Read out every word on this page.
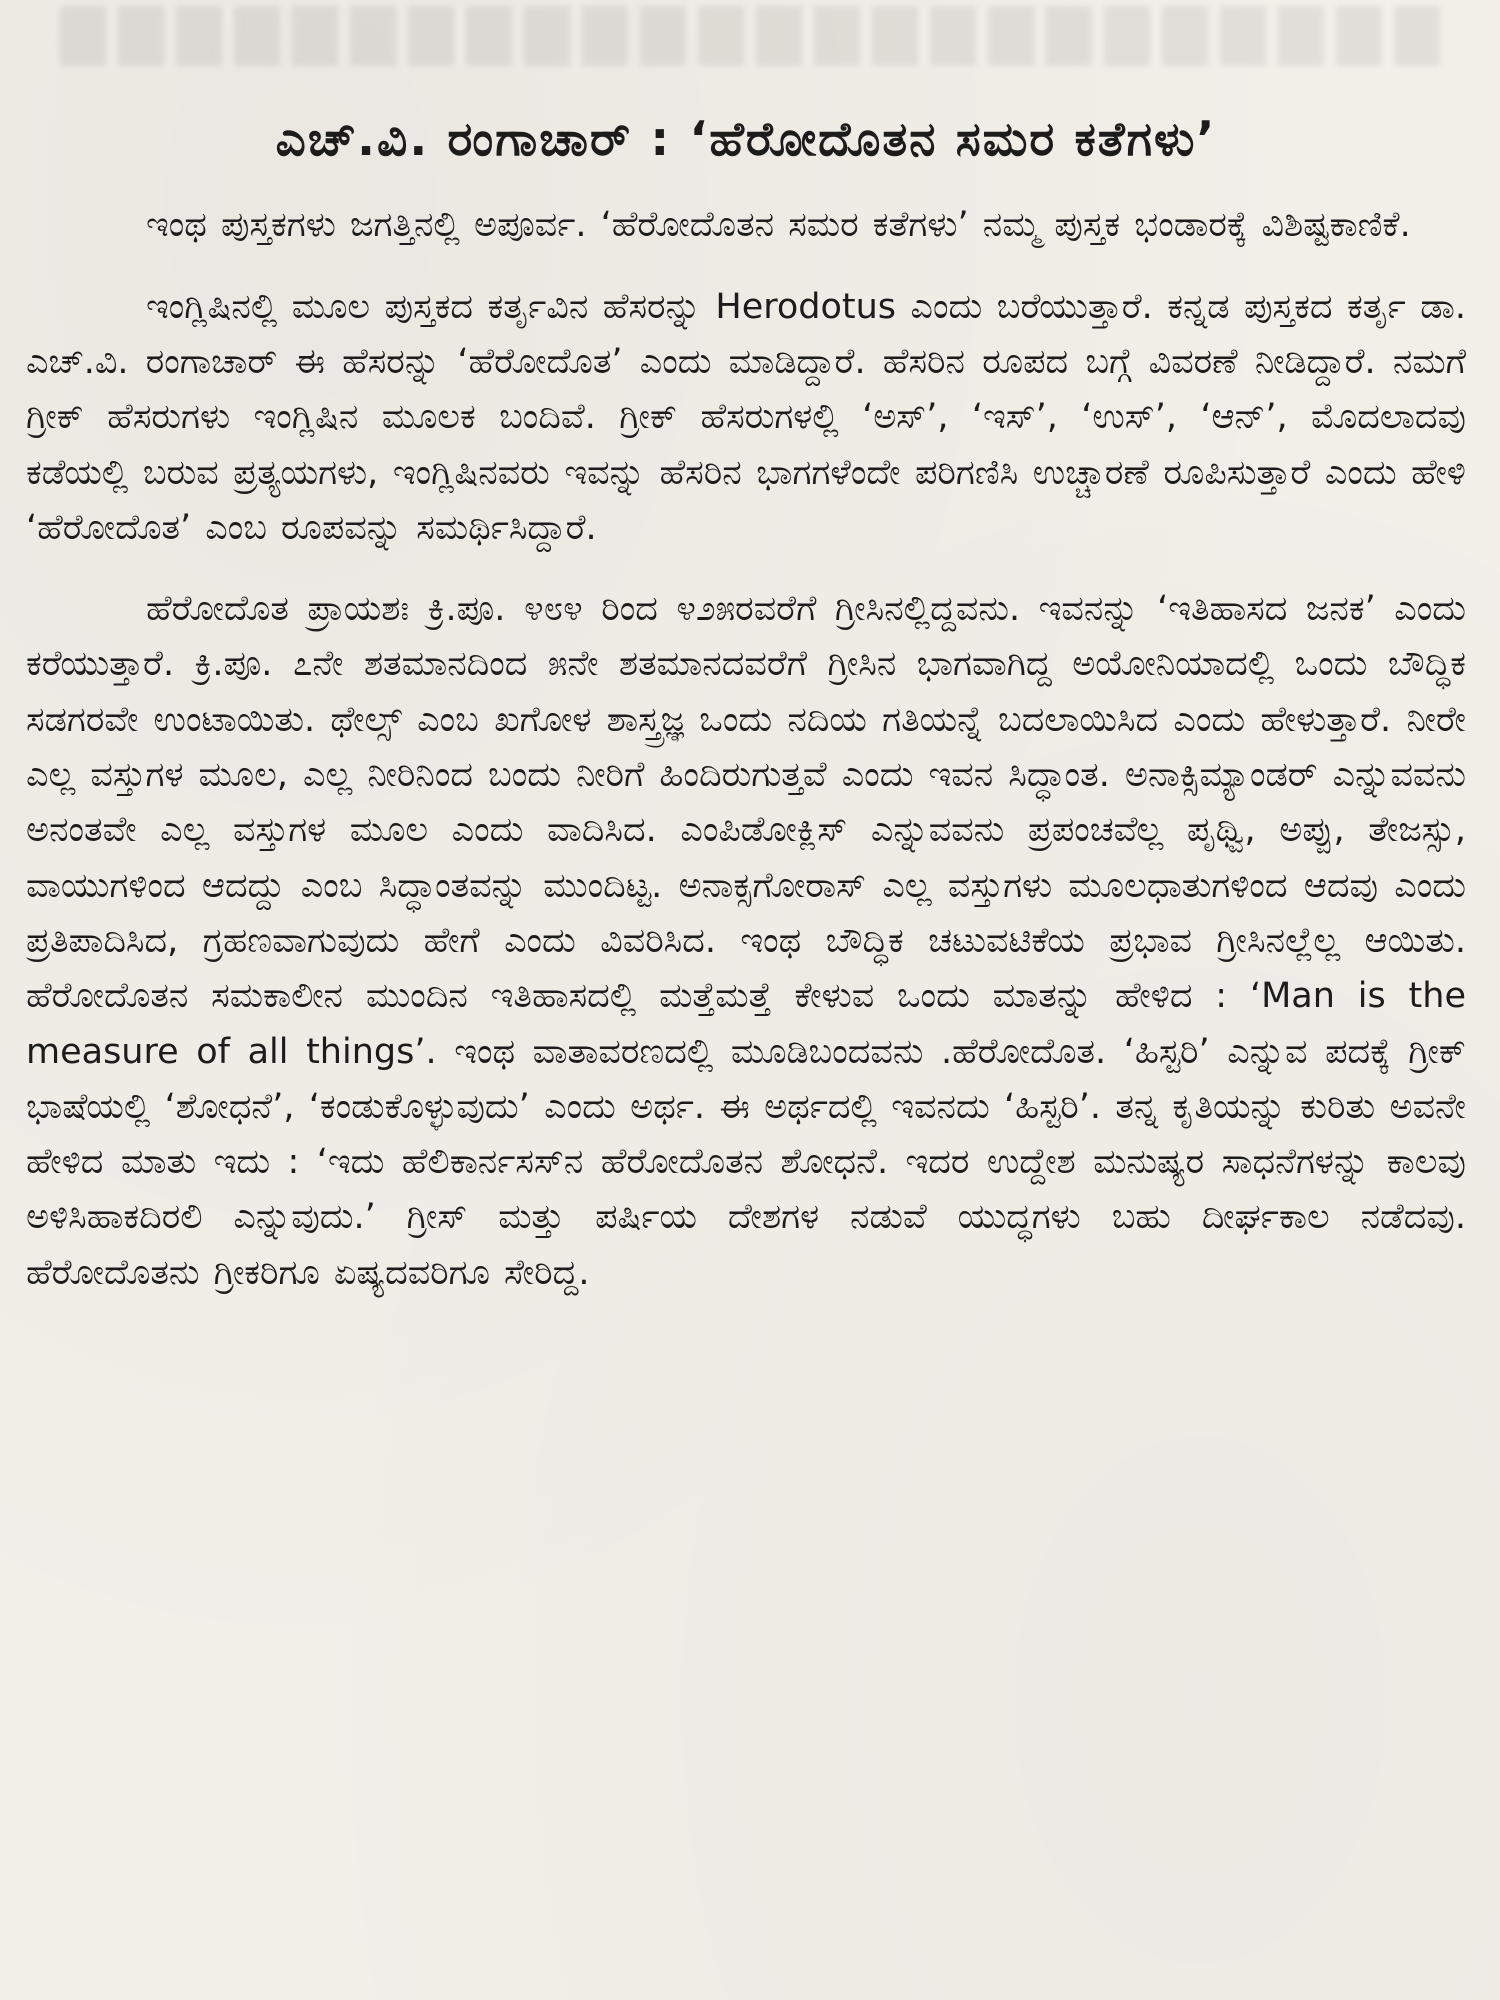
ಎಚ್.ವಿ. ರಂಗಾಚಾರ್ : ‘ಹೆರೋದೊತನ ಸಮರ ಕತೆಗಳು’

ಇಂಥ ಪುಸ್ತಕಗಳು ಜಗತ್ತಿನಲ್ಲಿ ಅಪೂರ್ವ. ‘ಹೆರೋದೊತನ ಸಮರ ಕತೆಗಳು’ ನಮ್ಮ ಪುಸ್ತಕ ಭಂಡಾರಕ್ಕೆ ವಿಶಿಷ್ಟಕಾಣಿಕೆ.

ಇಂಗ್ಲಿಷಿನಲ್ಲಿ ಮೂಲ ಪುಸ್ತಕದ ಕರ್ತೃವಿನ ಹೆಸರನ್ನು Herodotus ಎಂದು ಬರೆಯುತ್ತಾರೆ. ಕನ್ನಡ ಪುಸ್ತಕದ ಕರ್ತೃ ಡಾ. ಎಚ್.ವಿ. ರಂಗಾಚಾರ್ ಈ ಹೆಸರನ್ನು ‘ಹೆರೋದೊತ’ ಎಂದು ಮಾಡಿದ್ದಾರೆ. ಹೆಸರಿನ ರೂಪದ ಬಗ್ಗೆ ವಿವರಣೆ ನೀಡಿದ್ದಾರೆ. ನಮಗೆ ಗ್ರೀಕ್ ಹೆಸರುಗಳು ಇಂಗ್ಲಿಷಿನ ಮೂಲಕ ಬಂದಿವೆ. ಗ್ರೀಕ್ ಹೆಸರುಗಳಲ್ಲಿ ‘ಅಸ್’, ‘ಇಸ್’, ‘ಉಸ್’, ‘ಆನ್’, ಮೊದಲಾದವು ಕಡೆಯಲ್ಲಿ ಬರುವ ಪ್ರತ್ಯಯಗಳು, ಇಂಗ್ಲಿಷಿನವರು ಇವನ್ನು ಹೆಸರಿನ ಭಾಗಗಳೆಂದೇ ಪರಿಗಣಿಸಿ ಉಚ್ಚಾರಣೆ ರೂಪಿಸುತ್ತಾರೆ ಎಂದು ಹೇಳಿ ‘ಹೆರೋದೊತ’ ಎಂಬ ರೂಪವನ್ನು ಸಮರ್ಥಿಸಿದ್ದಾರೆ.

ಹೆರೋದೊತ ಪ್ರಾಯಶಃ ಕ್ರಿ.ಪೂ. ೪೮೪ ರಿಂದ ೪೨೫ರವರೆಗೆ ಗ್ರೀಸಿನಲ್ಲಿದ್ದವನು. ಇವನನ್ನು ‘ಇತಿಹಾಸದ ಜನಕ’ ಎಂದು ಕರೆಯುತ್ತಾರೆ. ಕ್ರಿ.ಪೂ. ೭ನೇ ಶತಮಾನದಿಂದ ೫ನೇ ಶತಮಾನದವರೆಗೆ ಗ್ರೀಸಿನ ಭಾಗವಾಗಿದ್ದ ಅಯೋನಿಯಾದಲ್ಲಿ ಒಂದು ಬೌದ್ಧಿಕ ಸಡಗರವೇ ಉಂಟಾಯಿತು. ಥೇಲ್ಸ್ ಎಂಬ ಖಗೋಳ ಶಾಸ್ತ್ರಜ್ಞ ಒಂದು ನದಿಯ ಗತಿಯನ್ನೆ ಬದಲಾಯಿಸಿದ ಎಂದು ಹೇಳುತ್ತಾರೆ. ನೀರೇ ಎಲ್ಲ ವಸ್ತುಗಳ ಮೂಲ, ಎಲ್ಲ ನೀರಿನಿಂದ ಬಂದು ನೀರಿಗೆ ಹಿಂದಿರುಗುತ್ತವೆ ಎಂದು ಇವನ ಸಿದ್ಧಾಂತ. ಅನಾಕ್ಸಿಮ್ಯಾಂಡರ್ ಎನ್ನುವವನು ಅನಂತವೇ ಎಲ್ಲ ವಸ್ತುಗಳ ಮೂಲ ಎಂದು ವಾದಿಸಿದ. ಎಂಪಿಡೋಕ್ಲಿಸ್ ಎನ್ನುವವನು ಪ್ರಪಂಚವೆಲ್ಲ ಪೃಥ್ವಿ, ಅಪ್ಪು, ತೇಜಸ್ಸು, ವಾಯುಗಳಿಂದ ಆದದ್ದು ಎಂಬ ಸಿದ್ಧಾಂತವನ್ನು ಮುಂದಿಟ್ಟ. ಅನಾಕ್ಸಗೋರಾಸ್ ಎಲ್ಲ ವಸ್ತುಗಳು ಮೂಲಧಾತುಗಳಿಂದ ಆದವು ಎಂದು ಪ್ರತಿಪಾದಿಸಿದ, ಗ್ರಹಣವಾಗುವುದು ಹೇಗೆ ಎಂದು ವಿವರಿಸಿದ. ಇಂಥ ಬೌದ್ಧಿಕ ಚಟುವಟಿಕೆಯ ಪ್ರಭಾವ ಗ್ರೀಸಿನಲ್ಲೆಲ್ಲ ಆಯಿತು. ಹೆರೋದೊತನ ಸಮಕಾಲೀನ ಮುಂದಿನ ಇತಿಹಾಸದಲ್ಲಿ ಮತ್ತೆಮತ್ತೆ ಕೇಳುವ ಒಂದು ಮಾತನ್ನು ಹೇಳಿದ : ‘Man is the measure of all things’. ಇಂಥ ವಾತಾವರಣದಲ್ಲಿ ಮೂಡಿಬಂದವನು .ಹೆರೋದೊತ. ‘ಹಿಸ್ಟರಿ’ ಎನ್ನುವ ಪದಕ್ಕೆ ಗ್ರೀಕ್ ಭಾಷೆಯಲ್ಲಿ ‘ಶೋಧನೆ’, ‘ಕಂಡುಕೊಳ್ಳುವುದು’ ಎಂದು ಅರ್ಥ. ಈ ಅರ್ಥದಲ್ಲಿ ಇವನದು ‘ಹಿಸ್ಟರಿ’. ತನ್ನ ಕೃತಿಯನ್ನು ಕುರಿತು ಅವನೇ ಹೇಳಿದ ಮಾತು ಇದು : ‘ಇದು ಹೆಲಿಕಾರ್ನಸಸ್‌ನ ಹೆರೋದೊತನ ಶೋಧನೆ. ಇದರ ಉದ್ದೇಶ ಮನುಷ್ಯರ ಸಾಧನೆಗಳನ್ನು ಕಾಲವು ಅಳಿಸಿಹಾಕದಿರಲಿ ಎನ್ನುವುದು.’ ಗ್ರೀಸ್ ಮತ್ತು ಪರ್ಷಿಯ ದೇಶಗಳ ನಡುವೆ ಯುದ್ಧಗಳು ಬಹು ದೀರ್ಘಕಾಲ ನಡೆದವು. ಹೆರೋದೊತನು ಗ್ರೀಕರಿಗೂ ಏಷ್ಯದವರಿಗೂ ಸೇರಿದ್ದ.
